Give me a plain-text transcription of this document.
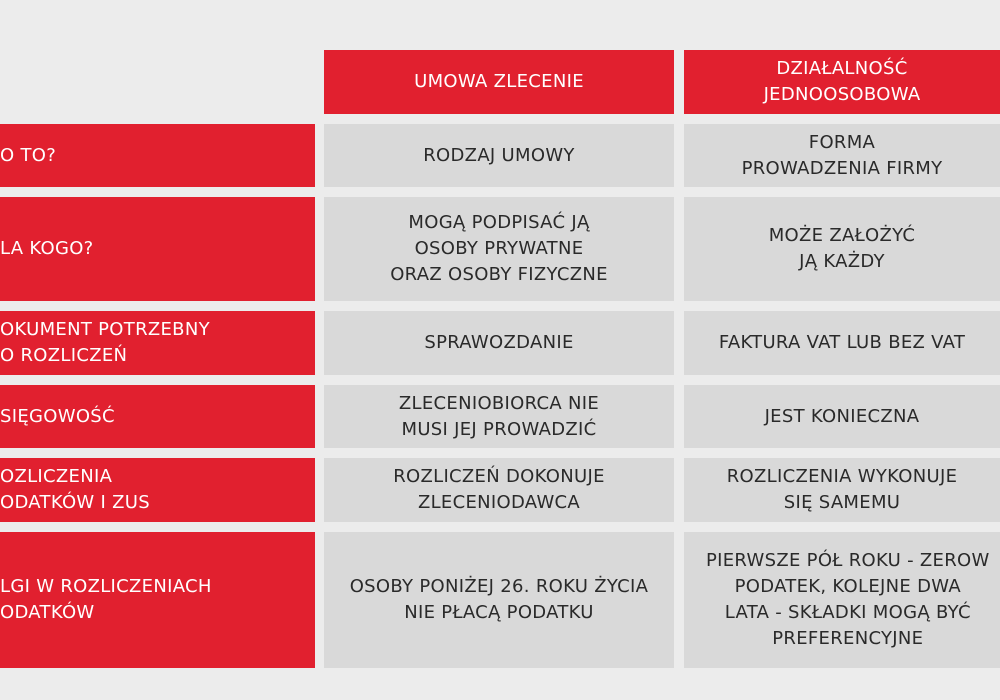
UMOWA ZLECENIE
DZIAŁALNOŚĆ
JEDNOOSOBOWA
O TO?	RODZAJ UMOWY
FORMA
PROWADZENIA FIRMY
LA KOGO?
MOGĄ PODPISAĆ JĄ
OSOBY PRYWATNE
ORAZ OSOBY FIZYCZNE
MOŻE ZAŁOŻYĆ
JĄ KAŻDY
OKUMENT POTRZEBNY
O ROZLICZEŃ
SPRAWOZDANIE	FAKTURA VAT LUB BEZ VAT
SIĘGOWOŚĆ
ZLECENIOBIORCA NIE
MUSI JEJ PROWADZIĆ
JEST KONIECZNA
OZLICZENIA
ODATKÓW I ZUS
ROZLICZEŃ DOKONUJE
ZLECENIODAWCA
ROZLICZENIA WYKONUJE
SIĘ SAMEMU
LGI W ROZLICZENIACH
ODATKÓW
OSOBY PONIŻEJ 26. ROKU ŻYCIA
NIE PŁACĄ PODATKU
PIERWSZE PÓŁ ROKU - ZEROW
PODATEK, KOLEJNE DWA
LATA - SKŁADKI MOGĄ BYĆ
PREFERENCYJNE
